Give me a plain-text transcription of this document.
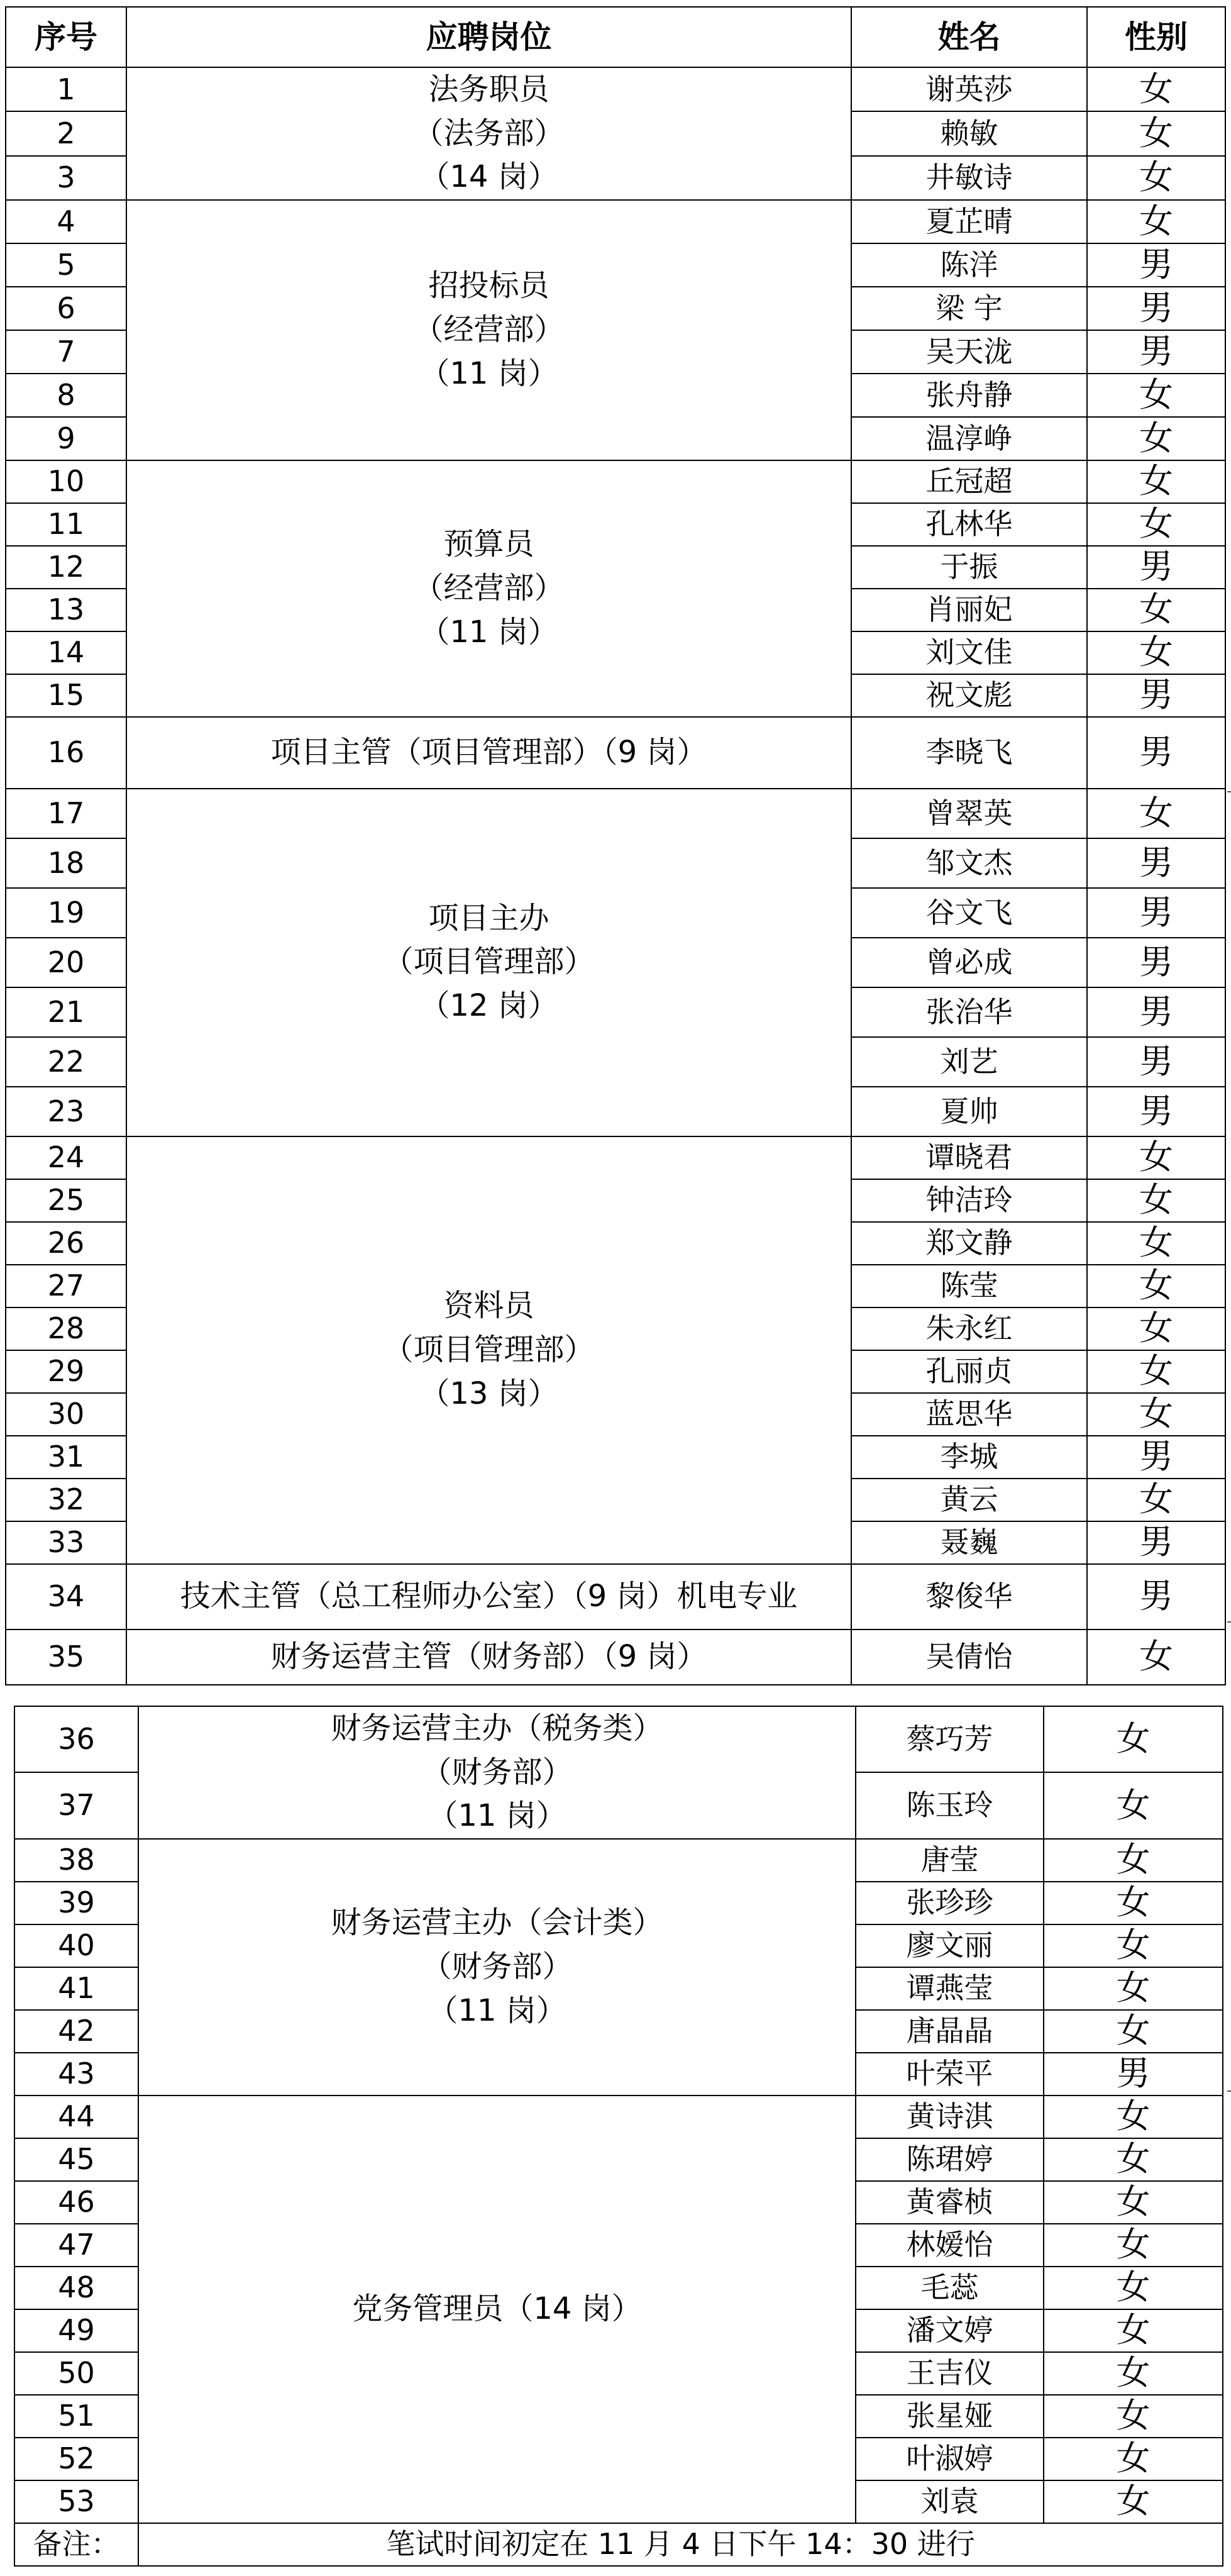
序号	应聘岗位	姓名	性别
1	法务职员
（法务部）
（14 岗）	谢英莎	女
2		赖敏	女
3		井敏诗	女
4	招投标员
（经营部）
（11 岗）	夏芷晴	女
5		陈洋	男
6		梁 宇	男
7		吴天泷	男
8		张舟静	女
9		温淳峥	女
10	预算员
（经营部）
（11 岗）	丘冠超	女
11		孔林华	女
12		于振	男
13		肖丽妃	女
14		刘文佳	女
15		祝文彪	男
16	项目主管（项目管理部）（9 岗）	李晓飞	男
17	项目主办
（项目管理部）
（12 岗）	曾翠英	女
18		邹文杰	男
19		谷文飞	男
20		曾必成	男
21		张治华	男
22		刘艺	男
23		夏帅	男
24	资料员
（项目管理部）
（13 岗）	谭晓君	女
25		钟洁玲	女
26		郑文静	女
27		陈莹	女
28		朱永红	女
29		孔丽贞	女
30		蓝思华	女
31		李城	男
32		黄云	女
33		聂巍	男
34	技术主管（总工程师办公室）（9 岗）机电专业	黎俊华	男
35	财务运营主管（财务部）（9 岗）	吴倩怡	女
36	财务运营主办（税务类）
（财务部）
（11 岗）	蔡巧芳	女
37		陈玉玲	女
38	财务运营主办（会计类）
（财务部）
（11 岗）	唐莹	女
39		张珍珍	女
40		廖文丽	女
41		谭燕莹	女
42		唐晶晶	女
43		叶荣平	男
44	党务管理员（14 岗）	黄诗淇	女
45		陈珺婷	女
46		黄睿桢	女
47		林嫒怡	女
48		毛蕊	女
49		潘文婷	女
50		王吉仪	女
51		张星娅	女
52		叶淑婷	女
53		刘袁	女
备注：	笔试时间初定在 11 月 4 日下午 14：30 进行		
